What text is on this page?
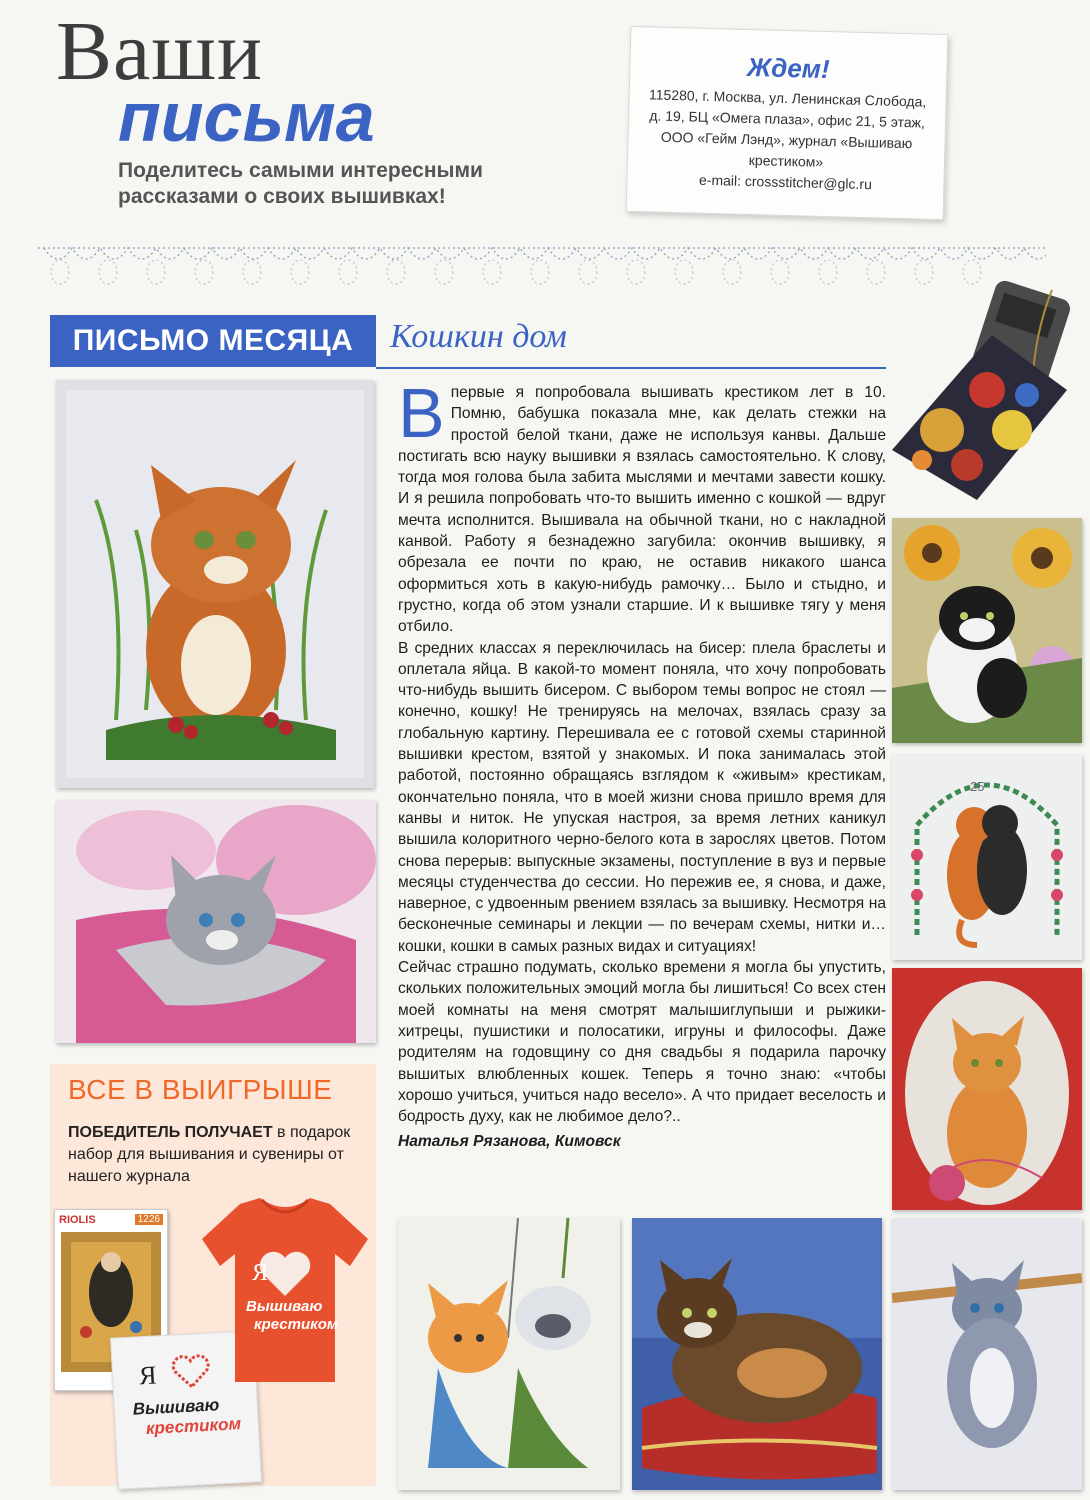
Ваши
письма
Поделитесь самыми интересными рассказами о своих вышивках!
Ждем!
115280, г. Москва, ул. Ленинская Слобода, д. 19, БЦ «Омега плаза», офис 21, 5 этаж, ООО «Гейм Лэнд», журнал «Вышиваю крестиком»
e-mail: crossstitcher@glc.ru
ПИСЬМО МЕСЯЦА	Кошкин дом

Впервые я попробовала вышивать крестиком лет в 10. Помню, бабушка показала мне, как делать стежки на простой белой ткани, даже не используя канвы. Дальше постигать всю науку вышивки я взялась самостоятельно. К слову, тогда моя голова была забита мыслями и мечтами завести кошку. И я решила попробовать что-то вышить именно с кошкой — вдруг мечта исполнится. Вышивала на обычной ткани, но с накладной канвой. Работу я безнадежно загубила: окончив вышивку, я обрезала ее почти по краю, не оставив никакого шанса оформиться хоть в какую-нибудь рамочку… Было и стыдно, и грустно, когда об этом узнали старшие. И к вышивке тягу у меня отбило.

В средних классах я переключилась на бисер: плела браслеты и оплетала яйца. В какой-то момент поняла, что хочу попробовать что-нибудь вышить бисером. С выбором темы вопрос не стоял — конечно, кошку! Не тренируясь на мелочах, взялась сразу за глобальную картину. Перешивала ее с готовой схемы старинной вышивки крестом, взятой у знакомых. И пока занималась этой работой, постоянно обращаясь взглядом к «живым» крестикам, окончательно поняла, что в моей жизни снова пришло время для канвы и ниток. Не упуская настроя, за время летних каникул вышила колоритного черно-белого кота в зарослях цветов. Потом снова перерыв: выпускные экзамены, поступление в вуз и первые месяцы студенчества до сессии. Но пережив ее, я снова, и даже, наверное, с удвоенным рвением взялась за вышивку. Несмотря на бесконечные семинары и лекции — по вечерам схемы, нитки и… кошки, кошки в самых разных видах и ситуациях!

Сейчас страшно подумать, сколько времени я могла бы упустить, скольких положительных эмоций могла бы лишиться! Со всех стен моей комнаты на меня смотрят малышиглупыши и рыжики-хитрецы, пушистики и полосатики, игруны и философы. Даже родителям на годовщину со дня свадьбы я подарила парочку вышитых влюбленных кошек. Теперь я точно знаю: «чтобы хорошо учиться, учиться надо весело». А что придает веселость и бодрость духу, как не любимое дело?..

Наталья Рязанова, Кимовск

25
ВСЕ В ВЫИГРЫШЕ
ПОБЕДИТЕЛЬ ПОЛУЧАЕТ в подарок набор для вышивания и сувениры от нашего журнала
RIOLIS	1226
Я
Вышиваю
крестиком
Я
Вышиваю
крестиком
